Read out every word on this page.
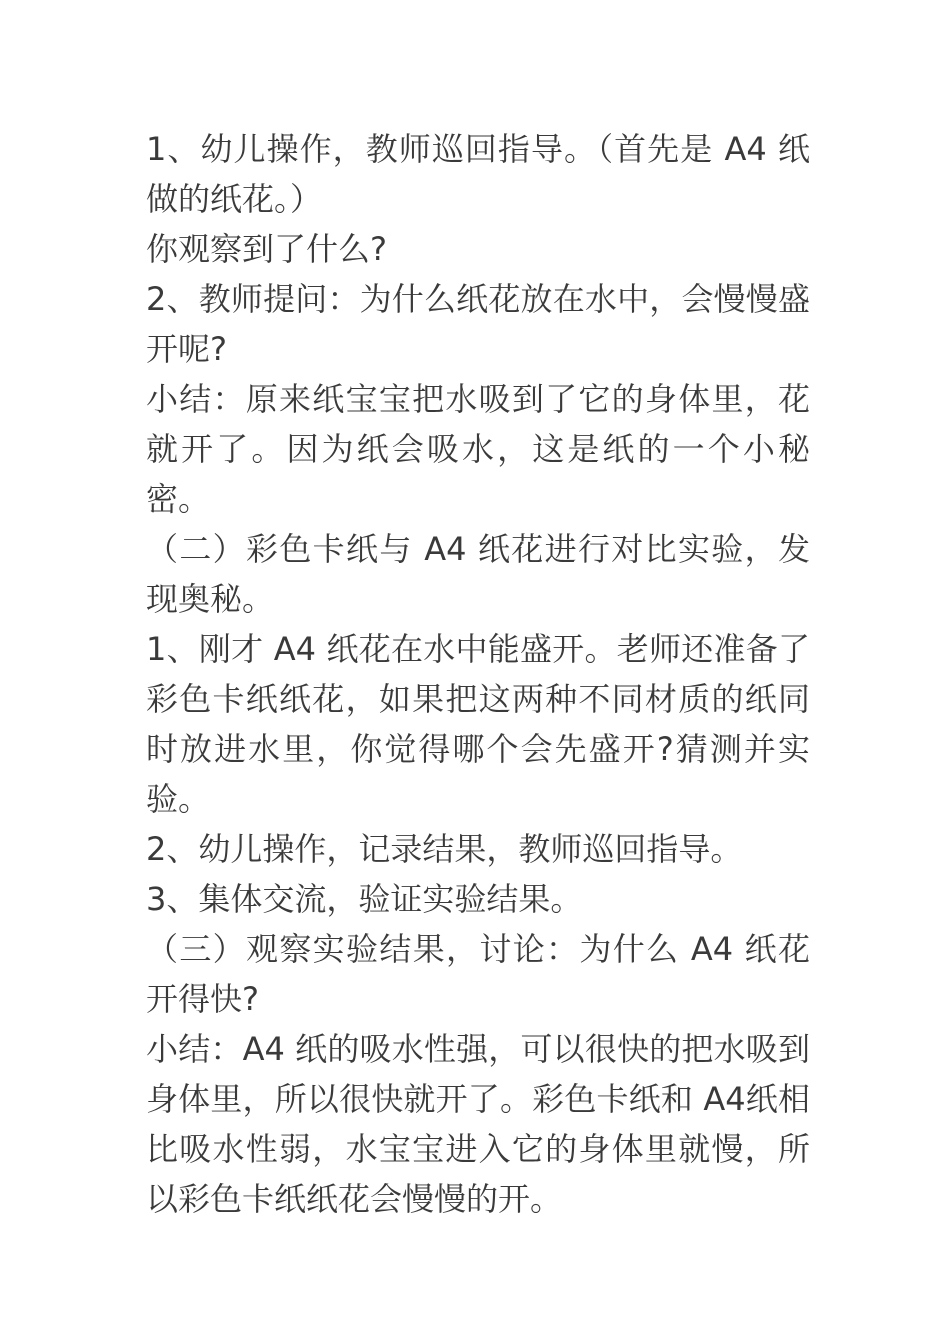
1、幼儿操作，教师巡回指导。（首先是 A4 纸做的纸花。）

你观察到了什么?

2、教师提问：为什么纸花放在水中，会慢慢盛开呢?

小结：原来纸宝宝把水吸到了它的身体里，花就开了。因为纸会吸水，这是纸的一个小秘密。

（二）彩色卡纸与 A4 纸花进行对比实验，发现奥秘。

1、刚才 A4 纸花在水中能盛开。老师还准备了彩色卡纸纸花，如果把这两种不同材质的纸同时放进水里，你觉得哪个会先盛开?猜测并实验。

2、幼儿操作，记录结果，教师巡回指导。

3、集体交流，验证实验结果。

（三）观察实验结果，讨论：为什么 A4 纸花开得快?

小结：A4 纸的吸水性强，可以很快的把水吸到身体里，所以很快就开了。彩色卡纸和 A4纸相比吸水性弱，水宝宝进入它的身体里就慢，所以彩色卡纸纸花会慢慢的开。
